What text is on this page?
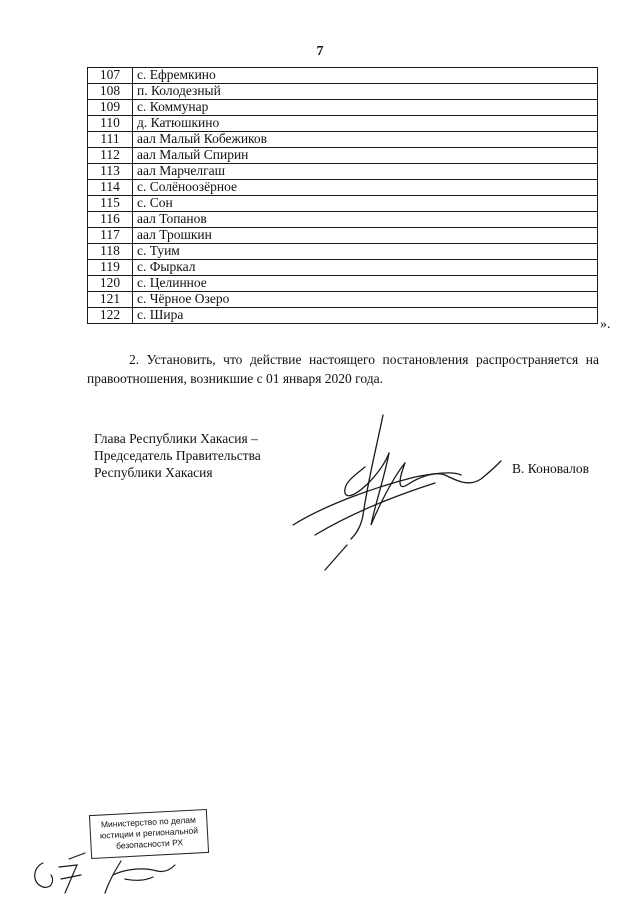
7
107	с. Ефремкино
108	п. Колодезный
109	с. Коммунар
110	д. Катюшкино
111	аал Малый Кобежиков
112	аал Малый Спирин
113	аал Марчелгаш
114	с. Солёноозёрное
115	с. Сон
116	аал Топанов
117	аал Трошкин
118	с. Туим
119	с. Фыркал
120	с. Целинное
121	с. Чёрное Озеро
122	с. Шира
».
2. Установить, что действие настоящего постановления распространяется на правоотношения, возникшие с 01 января 2020 года.
Глава Республики Хакасия –
Председатель Правительства
Республики Хакасия	В. Коновалов
Министерство по делам
юстиции и региональной
безопасности РХ
